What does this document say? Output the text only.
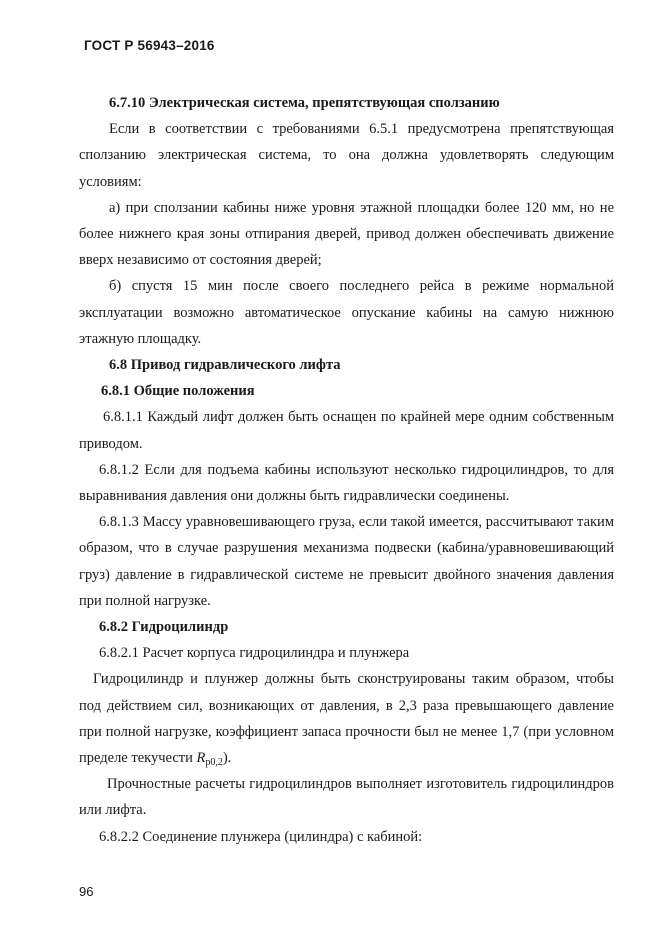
ГОСТ Р 56943–2016

6.7.10 Электрическая система, препятствующая сползанию

Если в соответствии с требованиями 6.5.1 предусмотрена препятствующая сползанию электрическая система, то она должна удовлетворять следующим условиям:

а) при сползании кабины ниже уровня этажной площадки более 120 мм, но не более нижнего края зоны отпирания дверей, привод должен обеспечивать движение вверх независимо от состояния дверей;

б) спустя 15 мин после своего последнего рейса в режиме нормальной эксплуатации возможно автоматическое опускание кабины на самую нижнюю этажную площадку.

6.8 Привод гидравлического лифта

6.8.1 Общие положения

6.8.1.1 Каждый лифт должен быть оснащен по крайней мере одним собственным приводом.

6.8.1.2 Если для подъема кабины используют несколько гидроцилиндров, то для выравнивания давления они должны быть гидравлически соединены.

6.8.1.3 Массу уравновешивающего груза, если такой имеется, рассчитывают таким образом, что в случае разрушения механизма подвески (кабина/уравновешивающий груз) давление в гидравлической системе не превысит двойного значения давления при полной нагрузке.

6.8.2 Гидроцилиндр

6.8.2.1 Расчет корпуса гидроцилиндра и плунжера

Гидроцилиндр и плунжер должны быть сконструированы таким образом, чтобы под действием сил, возникающих от давления, в 2,3 раза превышающего давление при полной нагрузке, коэффициент запаса прочности был не менее 1,7 (при условном пределе текучести $R_{p0,2}$).

Прочностные расчеты гидроцилиндров выполняет изготовитель гидроцилиндров или лифта.

6.8.2.2 Соединение плунжера (цилиндра) с кабиной:

96
